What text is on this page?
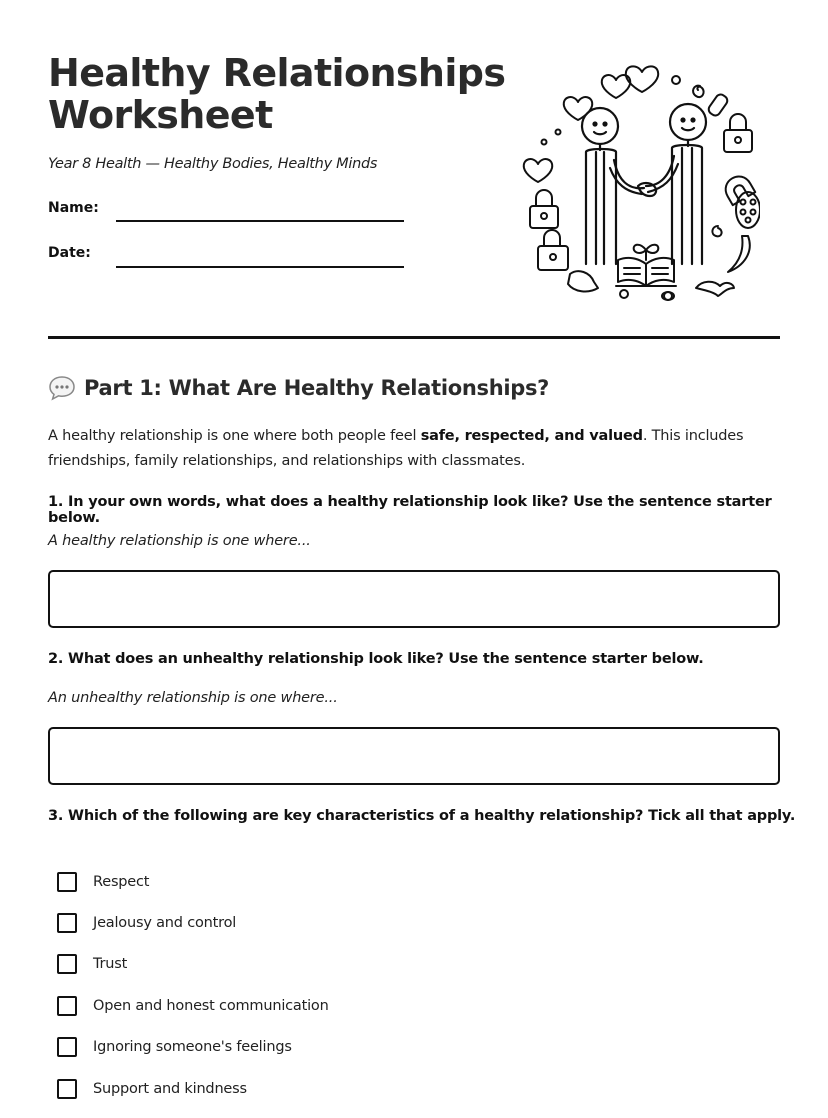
Healthy Relationships
Worksheet
Year 8 Health — Healthy Bodies, Healthy Minds
Name:
Date:
Part 1: What Are Healthy Relationships?
A healthy relationship is one where both people feel safe, respected, and valued. This includes friendships, family relationships, and relationships with classmates.
1. In your own words, what does a healthy relationship look like? Use the sentence starter below.
A healthy relationship is one where...
2. What does an unhealthy relationship look like? Use the sentence starter below.
An unhealthy relationship is one where...
3. Which of the following are key characteristics of a healthy relationship? Tick all that apply.
Respect
Jealousy and control
Trust
Open and honest communication
Ignoring someone's feelings
Support and kindness
